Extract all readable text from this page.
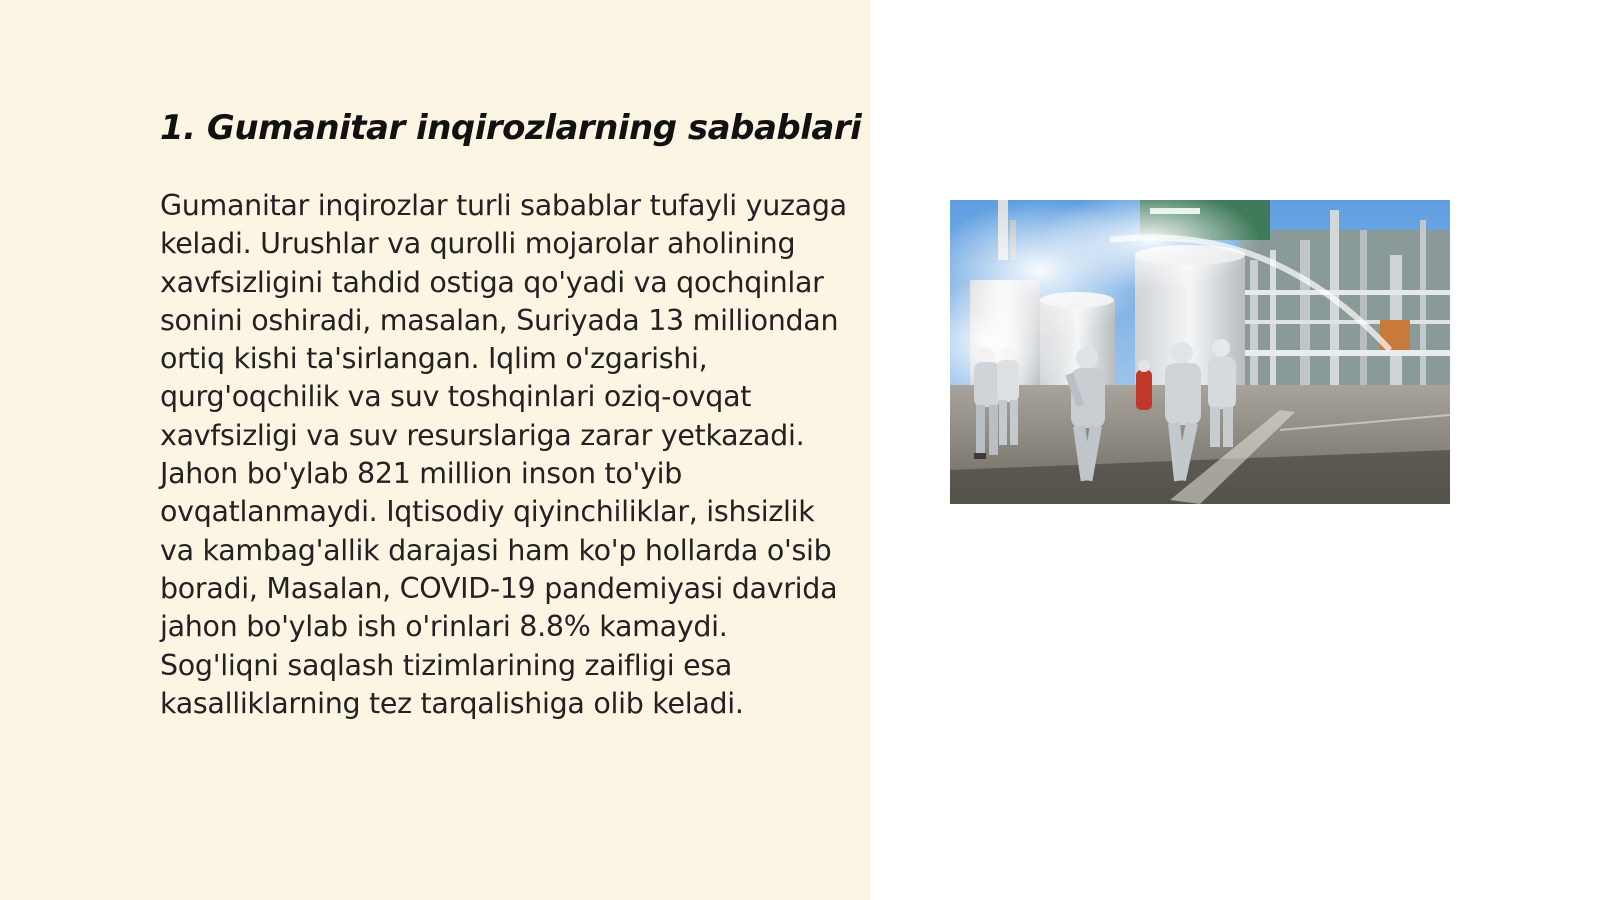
1. Gumanitar inqirozlarning sabablari

Gumanitar inqirozlar turli sabablar tufayli yuzaga keladi. Urushlar va qurolli mojarolar aholining xavfsizligini tahdid ostiga qo'yadi va qochqinlar sonini oshiradi, masalan, Suriyada 13 milliondan ortiq kishi ta'sirlangan. Iqlim o'zgarishi, qurg'oqchilik va suv toshqinlari oziq-ovqat xavfsizligi va suv resurslariga zarar yetkazadi. Jahon bo'ylab 821 million inson to'yib ovqatlanmaydi. Iqtisodiy qiyinchiliklar, ishsizlik va kambag'allik darajasi ham ko'p hollarda o'sib boradi, Masalan, COVID-19 pandemiyasi davrida jahon bo'ylab ish o'rinlari 8.8% kamaydi. Sog'liqni saqlash tizimlarining zaifligi esa kasalliklarning tez tarqalishiga olib keladi.
